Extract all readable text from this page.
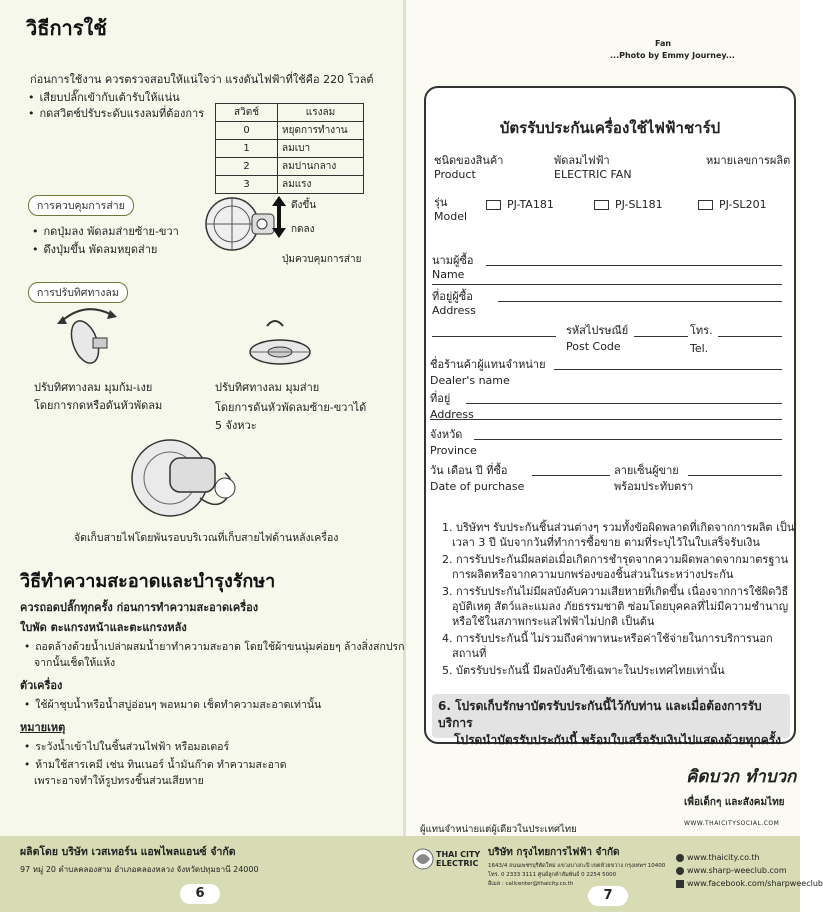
Fan
...Photo by Emmy Journey...
วิธีการใช้
ก่อนการใช้งาน ควรตรวจสอบให้แน่ใจว่า แรงดันไฟฟ้าที่ใช้คือ 220 โวลต์
• เสียบปลั๊กเข้ากับเต้ารับให้แน่น
• กดสวิตช์ปรับระดับแรงลมที่ต้องการ	สวิตช์	แรงลม
0	หยุดการทำงาน
1	ลมเบา
2	ลมปานกลาง
3	ลมแรง
การควบคุมการส่าย
• กดปุ่มลง พัดลมส่ายซ้าย-ขวา
• ดึงปุ่มขึ้น พัดลมหยุดส่าย
ดึงขึ้น
กดลง
ปุ่มควบคุมการส่าย
การปรับทิศทางลม
ปรับทิศทางลม มุมก้ม-เงย
โดยการกดหรือดันหัวพัดลม
ปรับทิศทางลม มุมส่าย
โดยการดันหัวพัดลมซ้าย-ขวาได้
5 จังหวะ
จัดเก็บสายไฟโดยพันรอบบริเวณที่เก็บสายไฟด้านหลังเครื่อง
วิธีทำความสะอาดและบำรุงรักษา
ควรถอดปลั๊กทุกครั้ง ก่อนการทำความสะอาดเครื่อง
ใบพัด ตะแกรงหน้าและตะแกรงหลัง
• ถอดล้างด้วยน้ำเปล่าผสมน้ำยาทำความสะอาด โดยใช้ผ้าขนนุ่มค่อยๆ ล้างสิ่งสกปรก
จากนั้นเช็ดให้แห้ง
ตัวเครื่อง
• ใช้ผ้าชุบน้ำหรือน้ำสบู่อ่อนๆ พอหมาด เช็ดทำความสะอาดเท่านั้น
หมายเหตุ
• ระวังน้ำเข้าไปในชิ้นส่วนไฟฟ้า หรือมอเตอร์
• ห้ามใช้สารเคมี เช่น ทินเนอร์ น้ำมันก๊าด ทำความสะอาด
เพราะอาจทำให้รูปทรงชิ้นส่วนเสียหาย
ผลิตโดย บริษัท เวสเทอร์น แอพไพลแอนซ์ จำกัด
97 หมู่ 20 ตำบลคลองสาม อำเภอคลองหลวง จังหวัดปทุมธานี 24000
6
บัตรรับประกันเครื่องใช้ไฟฟ้าชาร์ป
ชนิดของสินค้า
Product
พัดลมไฟฟ้า
ELECTRIC FAN
หมายเลขการผลิต
รุ่น
Model
PJ-TA181	PJ-SL181	PJ-SL201
นามผู้ซื้อ
Name
ที่อยู่ผู้ซื้อ
Address
รหัสไปรษณีย์
Post Code
โทร.
Tel.
ชื่อร้านค้าผู้แทนจำหน่าย
Dealer's name
ที่อยู่
Address
จังหวัด
Province
วัน เดือน ปี ที่ซื้อ
Date of purchase
ลายเซ็นผู้ขาย
พร้อมประทับตรา
1. บริษัทฯ รับประกันชิ้นส่วนต่างๆ รวมทั้งข้อผิดพลาดที่เกิดจากการผลิต เป็นเวลา 3 ปี นับจากวันที่ทำการซื้อขาย ตามที่ระบุไว้ในใบเสร็จรับเงิน
2. การรับประกันมีผลต่อเมื่อเกิดการชำรุดจากความผิดพลาดจากมาตรฐานการผลิตหรือจากความบกพร่องของชิ้นส่วนในระหว่างประกัน
3. การรับประกันไม่มีผลบังคับความเสียหายที่เกิดขึ้น เนื่องจากการใช้ผิดวิธี อุบัติเหตุ สัตว์และแมลง ภัยธรรมชาติ ซ่อมโดยบุคคลที่ไม่มีความชำนาญ หรือใช้ในสภาพกระแสไฟฟ้าไม่ปกติ เป็นต้น
4. การรับประกันนี้ ไม่รวมถึงค่าพาหนะหรือค่าใช้จ่ายในการบริการนอกสถานที่
5. บัตรรับประกันนี้ มีผลบังคับใช้เฉพาะในประเทศไทยเท่านั้น
6. โปรดเก็บรักษาบัตรรับประกันนี้ไว้กับท่าน และเมื่อต้องการรับบริการ
โปรดนำบัตรรับประกันนี้ พร้อมใบเสร็จรับเงินไปแสดงด้วยทุกครั้ง
คิดบวก ทำบวก
เพื่อเด็กๆ และสังคมไทย
WWW.THAICITYSOCIAL.COM
ผู้แทนจำหน่ายแต่ผู้เดียวในประเทศไทย
THAI CITY
ELECTRIC
บริษัท กรุงไทยการไฟฟ้า จำกัด
1643/4 ถนนเพชรบุรีตัดใหม่ แขวงบางกะปิ เขตห้วยขวาง กรุงเทพฯ 10400
โทร. 0 2333 3111 ศูนย์ลูกค้าสัมพันธ์ 0 2254 5000
อีเมล : callcenter@thaicity.co.th
www.thaicity.co.th
www.sharp-weeclub.com
www.facebook.com/sharpweeclub
7
